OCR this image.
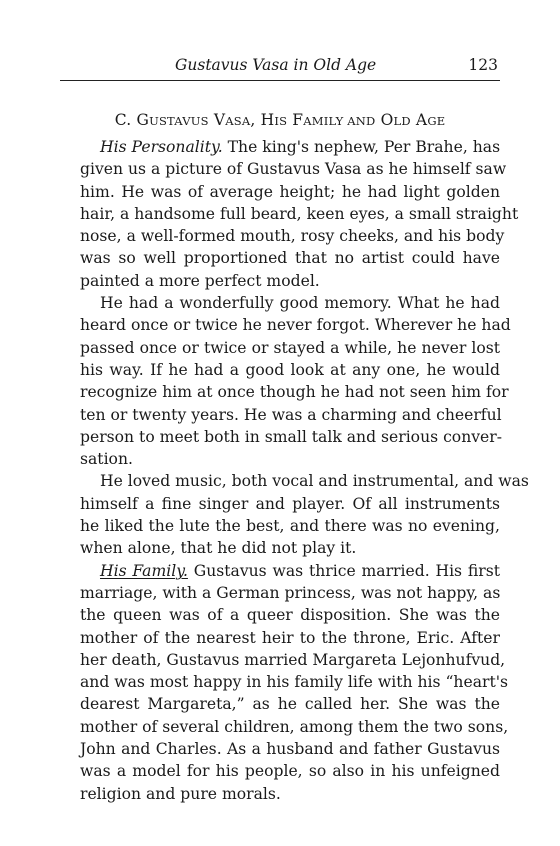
Gustavus Vasa in Old Age	123
C. GUSTAVUS VASA, HIS FAMILY AND OLD AGE
His Personality. The king's nephew, Per Brahe, has
given us a picture of Gustavus Vasa as he himself saw
him. He was of average height; he had light golden
hair, a handsome full beard, keen eyes, a small straight
nose, a well-formed mouth, rosy cheeks, and his body
was so well proportioned that no artist could have
painted a more perfect model.
He had a wonderfully good memory. What he had
heard once or twice he never forgot. Wherever he had
passed once or twice or stayed a while, he never lost
his way. If he had a good look at any one, he would
recognize him at once though he had not seen him for
ten or twenty years. He was a charming and cheerful
person to meet both in small talk and serious conver-
sation.
He loved music, both vocal and instrumental, and was
himself a fine singer and player. Of all instruments
he liked the lute the best, and there was no evening,
when alone, that he did not play it.
His Family. Gustavus was thrice married. His first
marriage, with a German princess, was not happy, as
the queen was of a queer disposition. She was the
mother of the nearest heir to the throne, Eric. After
her death, Gustavus married Margareta Lejonhufvud,
and was most happy in his family life with his “heart's
dearest Margareta,” as he called her. She was the
mother of several children, among them the two sons,
John and Charles. As a husband and father Gustavus
was a model for his people, so also in his unfeigned
religion and pure morals.
